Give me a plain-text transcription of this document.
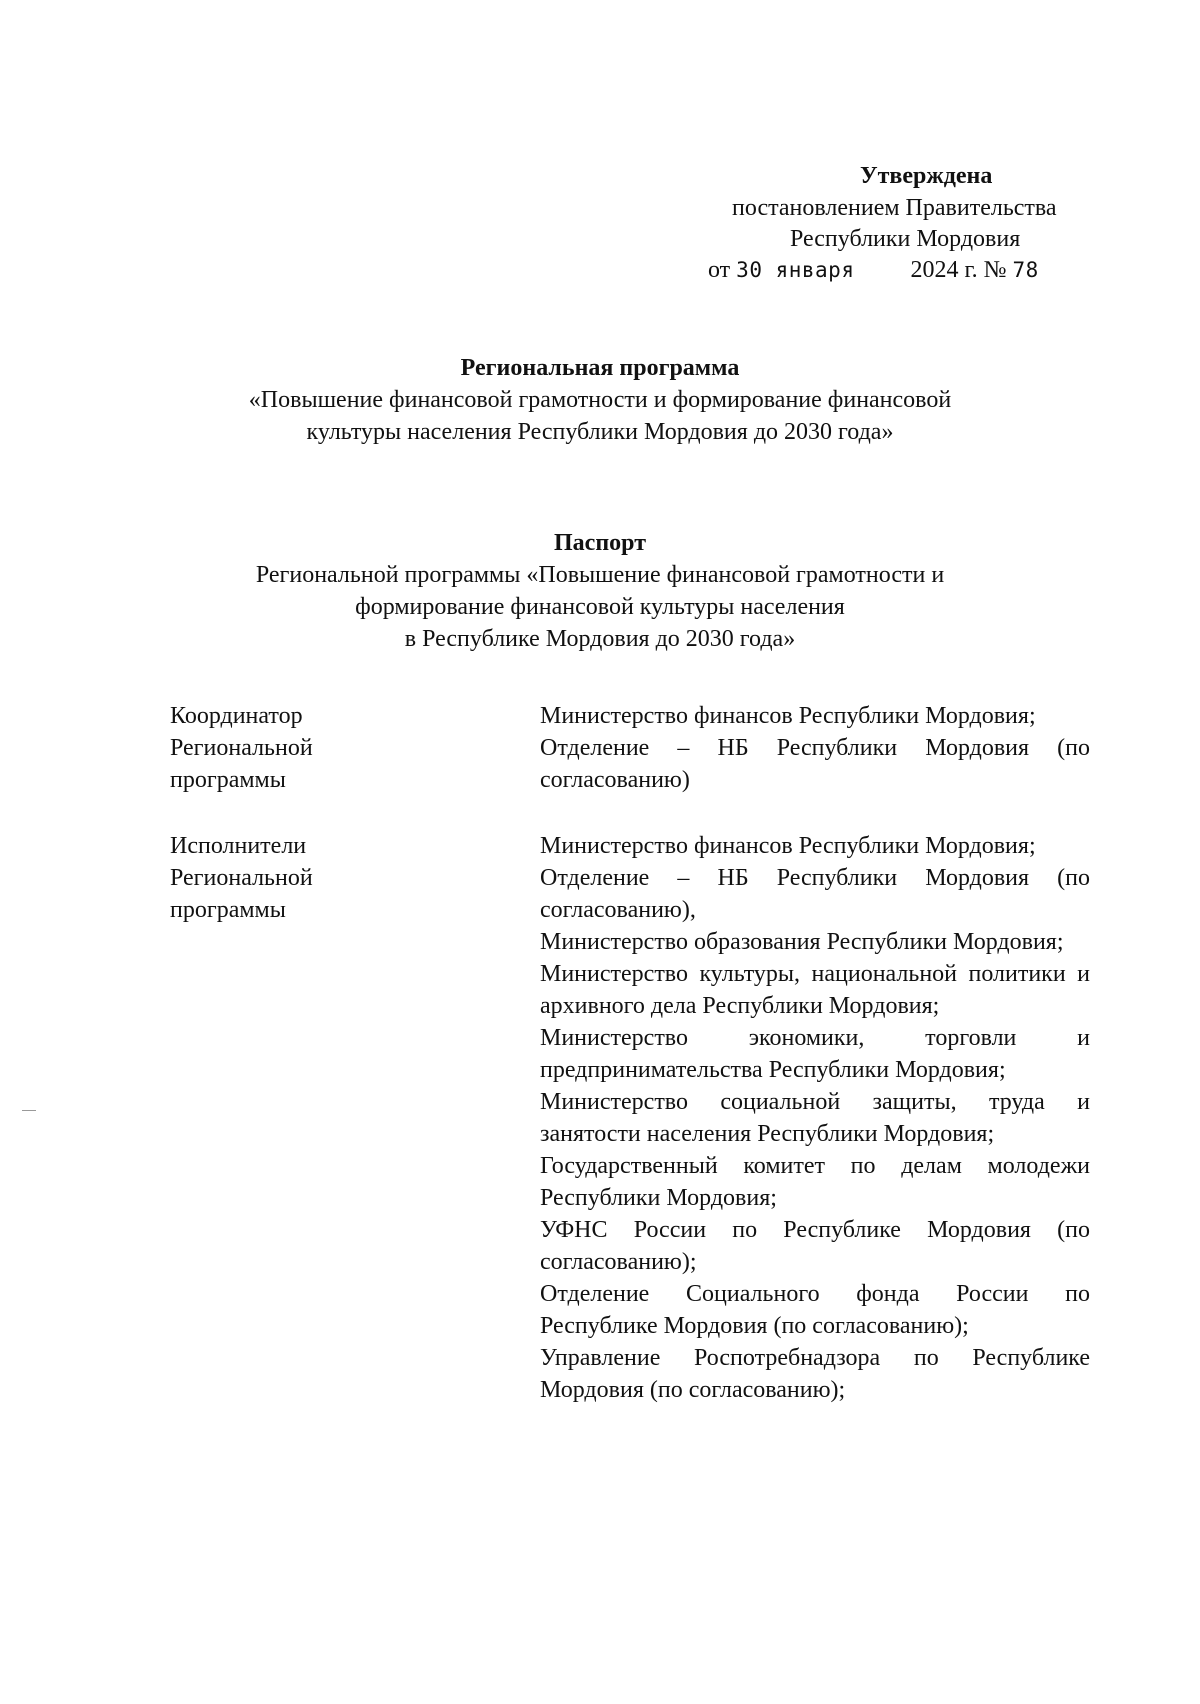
Утверждена
постановлением Правительства
Республики Мордовия
от 30 января 2024 г. № 78
Региональная программа
«Повышение финансовой грамотности и формирование финансовой
культуры населения Республики Мордовия до 2030 года»
Паспорт
Региональной программы «Повышение финансовой грамотности и
формирование финансовой культуры населения
в Республике Мордовия до 2030 года»
Координатор
Региональной
программы
Министерство финансов Республики Мордовия;
Отделение – НБ Республики Мордовия (по согласованию)
Исполнители
Региональной
программы
Министерство финансов Республики Мордовия;
Отделение – НБ Республики Мордовия (по согласованию),
Министерство образования Республики Мордовия;
Министерство культуры, национальной политики и архивного дела Республики Мордовия;
Министерство экономики, торговли и предпринимательства Республики Мордовия;
Министерство социальной защиты, труда и занятости населения Республики Мордовия;
Государственный комитет по делам молодежи Республики Мордовия;
УФНС России по Республике Мордовия (по согласованию);
Отделение Социального фонда России по Республике Мордовия (по согласованию);
Управление Роспотребнадзора по Республике Мордовия (по согласованию);
